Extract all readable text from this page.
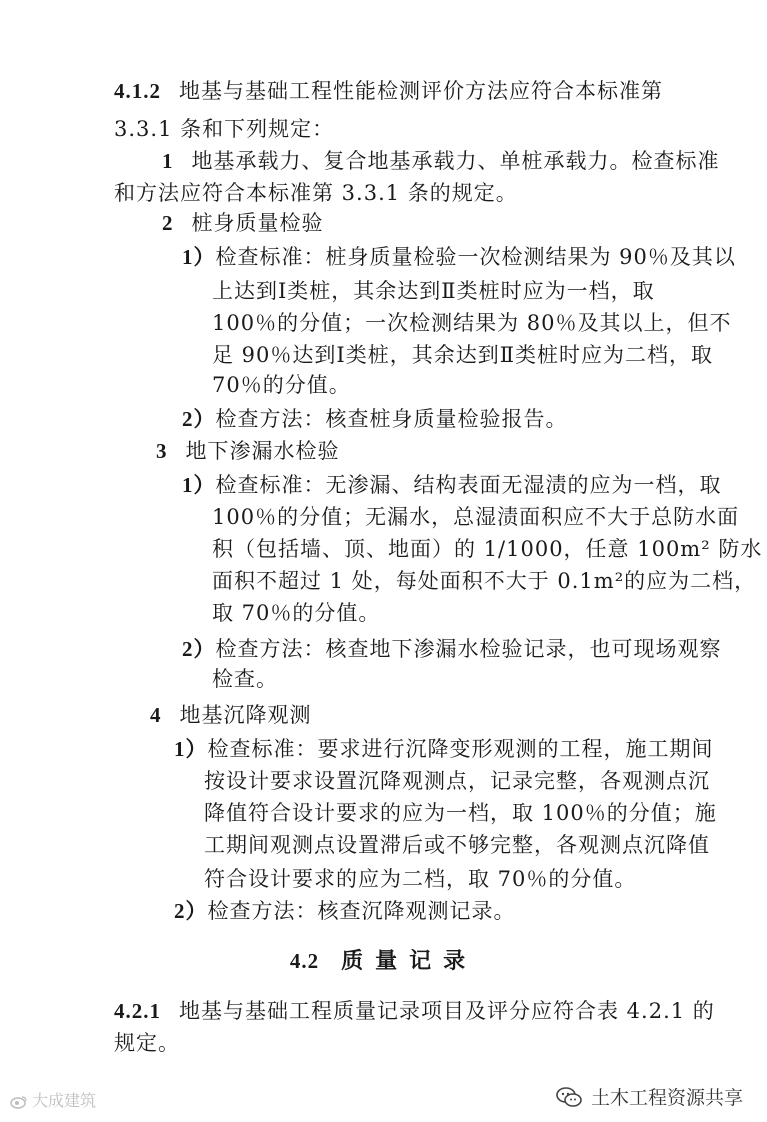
4.1.2 地基与基础工程性能检测评价方法应符合本标准第
3.3.1 条和下列规定：
1 地基承载力、复合地基承载力、单桩承载力。检查标准
和方法应符合本标准第 3.3.1 条的规定。
2 桩身质量检验
1）检查标准：桩身质量检验一次检测结果为 90％及其以
上达到Ⅰ类桩，其余达到Ⅱ类桩时应为一档，取
100％的分值；一次检测结果为 80％及其以上，但不
足 90％达到Ⅰ类桩，其余达到Ⅱ类桩时应为二档，取
70％的分值。
2）检查方法：核查桩身质量检验报告。
3 地下渗漏水检验
1）检查标准：无渗漏、结构表面无湿渍的应为一档，取
100％的分值；无漏水，总湿渍面积应不大于总防水面
积（包括墙、顶、地面）的 1/1000，任意 100m² 防水
面积不超过 1 处，每处面积不大于 0.1m²的应为二档，
取 70％的分值。
2）检查方法：核查地下渗漏水检验记录，也可现场观察
检查。
4 地基沉降观测
1）检查标准：要求进行沉降变形观测的工程，施工期间
按设计要求设置沉降观测点，记录完整，各观测点沉
降值符合设计要求的应为一档，取 100％的分值；施
工期间观测点设置滞后或不够完整，各观测点沉降值
符合设计要求的应为二档，取 70％的分值。
2）检查方法：核查沉降观测记录。
4.2 质量记录
4.2.1 地基与基础工程质量记录项目及评分应符合表 4.2.1 的
规定。
大成建筑	土木工程资源共享
